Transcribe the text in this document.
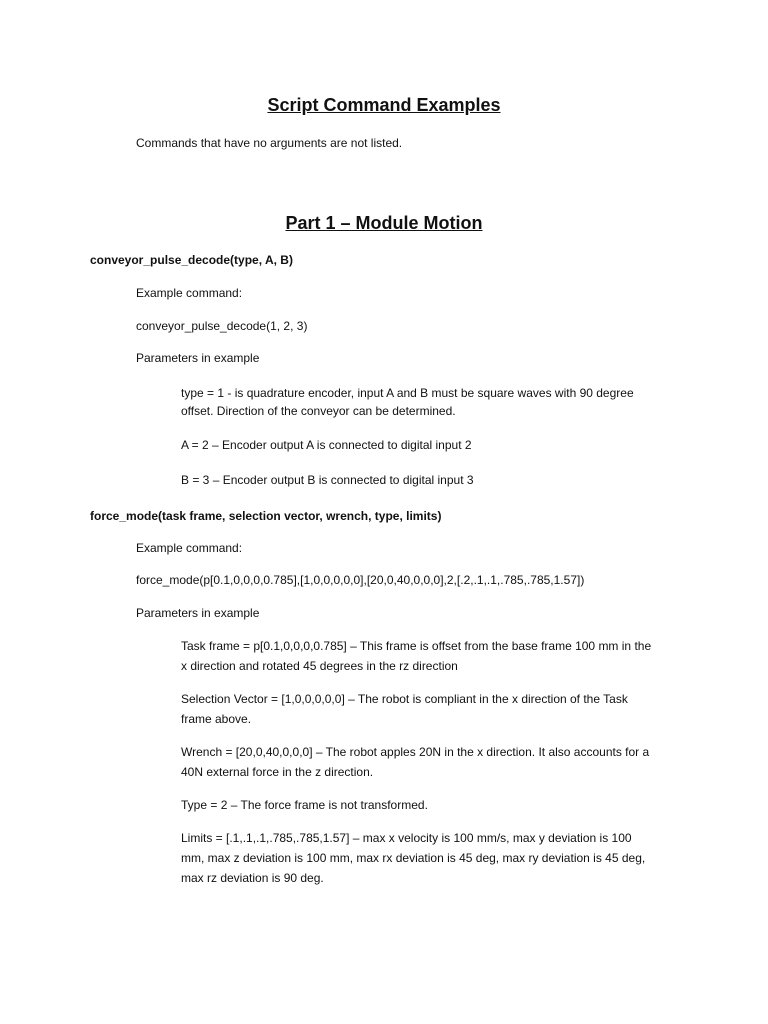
Script Command Examples
Commands that have no arguments are not listed.
Part 1 – Module Motion
conveyor_pulse_decode(type, A, B)
Example command:
conveyor_pulse_decode(1, 2, 3)
Parameters in example
type = 1 - is quadrature encoder, input A and B must be square waves with 90 degree
offset. Direction of the conveyor can be determined.
A = 2 – Encoder output A is connected to digital input 2
B = 3 – Encoder output B is connected to digital input 3
force_mode(task frame, selection vector, wrench, type, limits)
Example command:
force_mode(p[0.1,0,0,0,0.785],[1,0,0,0,0,0],[20,0,40,0,0,0],2,[.2,.1,.1,.785,.785,1.57])
Parameters in example
Task frame = p[0.1,0,0,0,0.785] – This frame is offset from the base frame 100 mm in the
x direction and rotated 45 degrees in the rz direction
Selection Vector = [1,0,0,0,0,0] – The robot is compliant in the x direction of the Task
frame above.
Wrench = [20,0,40,0,0,0] – The robot apples 20N in the x direction. It also accounts for a
40N external force in the z direction.
Type = 2 – The force frame is not transformed.
Limits = [.1,.1,.1,.785,.785,1.57] – max x velocity is 100 mm/s, max y deviation is 100
mm, max z deviation is 100 mm, max rx deviation is 45 deg, max ry deviation is 45 deg,
max rz deviation is 90 deg.
